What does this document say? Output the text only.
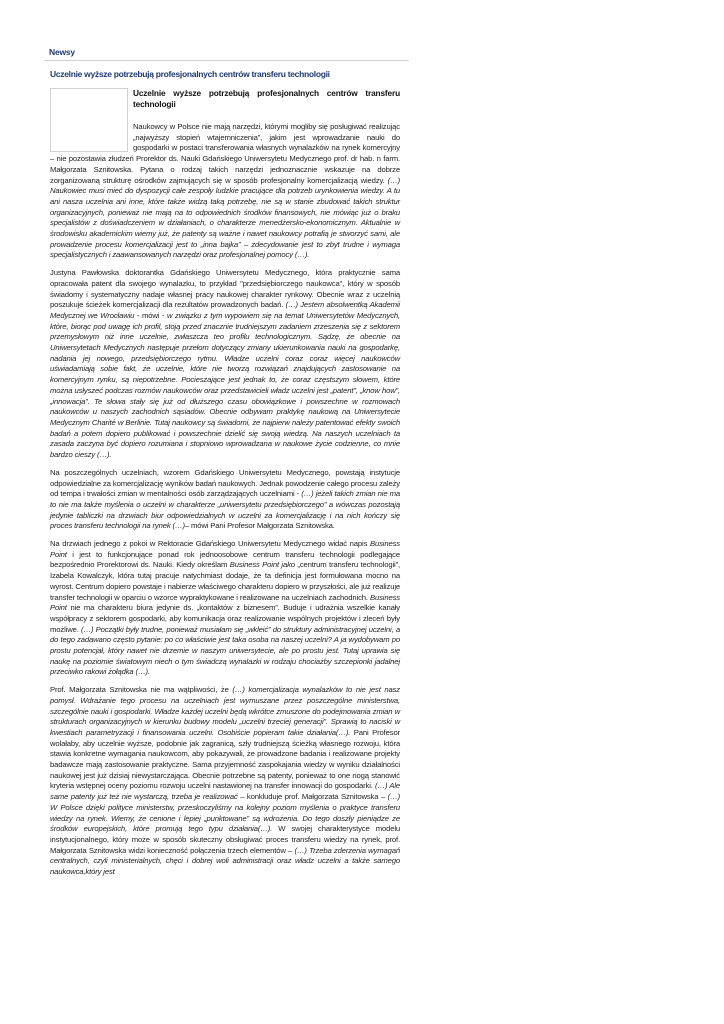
Newsy
Uczelnie wyższe potrzebują profesjonalnych centrów transferu technologii
Uczelnie wyższe potrzebują profesjonalnych centrów transferu technologii

Naukowcy w Polsce nie mają narzędzi, którymi mogliby się posługiwać realizując „najwyższy stopień wtajemniczenia”, jakim jest wprowadzanie nauki do gospodarki w postaci transferowania własnych wynalazków na rynek komercyjny – nie pozostawia złudzeń Prorektor ds. Nauki Gdańskiego Uniwersytetu Medycznego prof. dr hab. n farm. Małgorzata Sznitowska. Pytana o rodzaj takich narzędzi jednoznacznie wskazuje na dobrze zorganizowaną strukturę ośrodków zajmujących się w sposób profesjonalny komercjalizacją wiedzy. (…) Naukowiec musi mieć do dyspozycji całe zespoły ludzkie pracujące dla potrzeb urynkowienia wiedzy. A tu ani nasza uczelnia ani inne, które także widzą taką potrzebę, nie są w stanie zbudować takich struktur organizacyjnych, ponieważ nie mają na to odpowiednich środków finansowych, nie mówiąc już o braku specjalistów z doświadczeniem w działaniach, o charakterze menedżersko-ekonomicznym. Aktualnie w środowisku akademickim wiemy już, że patenty są ważne i nawet naukowcy potrafią je stworzyć sami, ale prowadzenie procesu komercjalizacji jest to „inna bajka” – zdecydowanie jest to zbyt trudne i wymaga specjalistycznych i zaawansowanych narzędzi oraz profesjonalnej pomocy (…).

Justyna Pawłowska doktorantka Gdańskiego Uniwersytetu Medycznego, która praktycznie sama opracowała patent dla swojego wynalazku, to przykład "przedsiębiorczego naukowca", który w sposób świadomy i systematyczny nadaje własnej pracy naukowej charakter rynkowy. Obecnie wraz z uczelnią poszukuje ścieżek komercjalizacji dla rezultatów prowadzonych badań. (…) Jestem absolwentką Akademii Medycznej we Wrocławiu - mówi - w związku z tym wypowiem się na temat Uniwersytetów Medycznych, które, biorąc pod uwagę ich profil, stoją przed znacznie trudniejszym zadaniem zrzeszenia się z sektorem przemysłowym niż inne uczelnie, zwłaszcza teo profilu technologicznym. Sądzę, że obecnie na Uniwersytetach Medycznych następuje przełom dotyczący zmiany ukierunkowania nauki na gospodarkę, nadania jej nowego, przedsiębiorczego rytmu. Władze uczelni coraz coraz więcej naukowców uświadamiają sobie fakt, że uczelnie, które nie tworzą rozwiązań znajdujących zastosowanie na komercyjnym rynku, są niepotrzebne. Pocieszające jest jednak to, że coraz częstszym słowem, które można usłyszeć podczas rozmów naukowców oraz przedstawicieli władz uczelni jest „patent”, „know how”, „innowacja”. Te słowa stały się już od dłuższego czasu obowiązkowe i powszechne w rozmowach naukowców u naszych zachodnich sąsiadów. Obecnie odbywam praktykę naukową na Uniwersytecie Medycznym Charité w Berlinie. Tutaj naukowcy są świadomi, że najpierw należy patentować efekty swoich badań a potem dopiero publikować i powszechnie dzielić się swoją wiedzą. Na naszych uczelniach ta zasada zaczyna być dopiero rozumiana i stopniowo wprowadzana w naukowe życie codzienne, co mnie bardzo cieszy (…).

Na poszczególnych uczelniach, wzorem Gdańskiego Uniwersytetu Medycznego, powstają instytucje odpowiedzialne za komercjalizację wyników badań naukowych. Jednak powodzenie całego procesu zależy od tempa i trwałości zmian w mentalności osób zarządzających uczelniami - (…) jeżeli takich zmian nie ma to nie ma także myślenia o uczelni w charakterze „uniwersytetu przedsiębiorczego” a wówczas pozostają jedynie tabliczki na drzwiach biur odpowiedzialnych w uczelni za komercjalizację i na nich kończy się proces transferu technologii na rynek (…)– mówi Pani Profesor Małgorzata Sznitowska.

Na drzwiach jednego z pokoi w Rektoracie Gdańskiego Uniwersytetu Medycznego widać napis Business Point i jest to funkcjonujące ponad rok jednoosobowe centrum transferu technologii podlegające bezpośrednio Prorektorowi ds. Nauki. Kiedy określam Business Point jako „centrum transferu technologii”, Izabela Kowalczyk, która tutaj pracuje natychmiast dodaje, że ta definicja jest formułowana mocno na wyrost. Centrum dopiero powstaje i nabierze właściwego charakteru dopiero w przyszłości, ale już realizuje transfer technologii w oparciu o wzorce wypraktykowane i realizowane na uczelniach zachodnich. Business Point nie ma charakteru biura jedynie ds. „kontaktów z biznesem”. Buduje i udrażnia wszelkie kanały współpracy z sektorem gospodarki, aby komunikacja oraz realizowanie wspólnych projektów i zleceń były możliwe. (…) Początki były trudne, ponieważ musiałam się „wkleić” do struktury administracyjnej uczelni, a do tego zadawano często pytanie: po co właściwie jest taka osoba na naszej uczelni? A ja wydobywam po prostu potencjał, który nawet nie drzemie w naszym uniwersytecie, ale po prostu jest. Tutaj uprawia się naukę na poziomie światowym niech o tym świadczą wynalazki w rodzaju chociażby szczepionki jadalnej przeciwko rakowi żołądka (…).

Prof. Małgorzata Sznitowska nie ma wątpliwości, że (…) komercjalizacja wynalazków to nie jest nasz pomysł. Wdrażanie tego procesu na uczelniach jest wymuszane przez poszczególne ministerstwa, szczególnie nauki i gospodarki. Władze każdej uczelni będą wkrótce zmuszone do podejmowania zmian w strukturach organizacyjnych w kierunku budowy modelu „uczelni trzeciej generacji”. Sprawią to naciski w kwestiach parametryzacji i finansowania uczelni. Osobiście popieram takie działania(…). Pani Profesor wolałaby, aby uczelnie wyższe, podobnie jak zagranicą, szły trudniejszą ścieżką własnego rozwoju, która stawia konkretne wymagania naukowcom, aby pokazywali, że prowadzone badania i realizowane projekty badawcze mają zastosowanie praktyczne. Sama przyjemność zaspokajania wiedzy w wyniku działalności naukowej jest już dzisiaj niewystarczająca. Obecnie potrzebne są patenty, ponieważ to one nogą stanowić kryteria wstępnej oceny poziomu rozwoju uczelni nastawionej na transfer innowacji do gospodarki. (…) Ale same patenty już też nie wystarczą, trzeba je realizować – konkluduje prof. Małgorzata Sznitowska – (…) W Polsce dzięki polityce ministerstw, przeskoczyliśmy na kolejny poziom myślenia o praktyce transferu wiedzy na rynek. Wiemy, że cenione i lepiej „punktowane” są wdrożenia. Do tego doszły pieniądze ze środków europejskich, które promują tego typu działania(…). W swojej charakterystyce modelu instytucjonalnego, który może w sposób skuteczny obsługiwać proces transferu wiedzy na rynek, prof. Małgorzata Sznitowska widzi konieczność połączenia trzech elementów – (…) Trzeba zderzenia wymagań centralnych, czyli ministerialnych, chęci i dobrej woli administracji oraz władz uczelni a także samego naukowca,który jest
